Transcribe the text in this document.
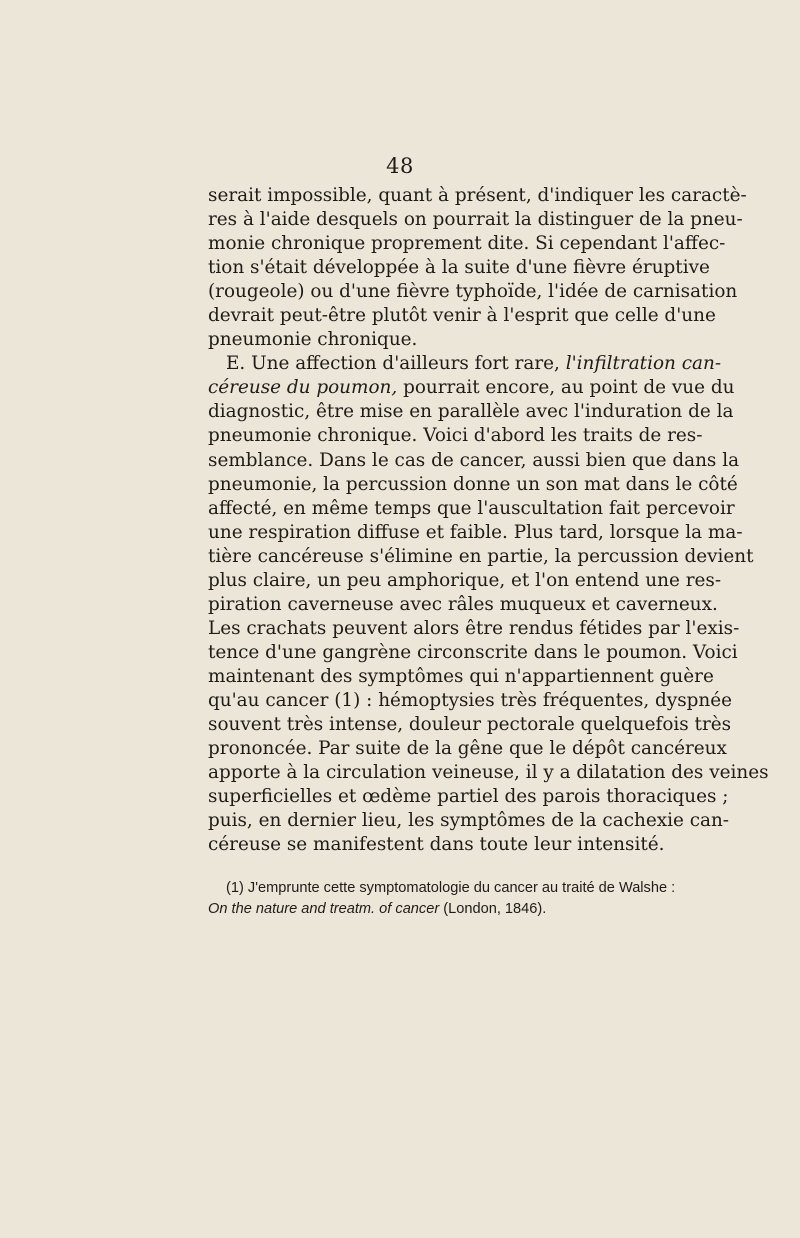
48
serait impossible, quant à présent, d'indiquer les caractè-
res à l'aide desquels on pourrait la distinguer de la pneu-
monie chronique proprement dite. Si cependant l'affec-
tion s'était développée à la suite d'une fièvre éruptive
(rougeole) ou d'une fièvre typhoïde, l'idée de carnisation
devrait peut-être plutôt venir à l'esprit que celle d'une
pneumonie chronique.
E. Une affection d'ailleurs fort rare, l'infiltration can-
céreuse du poumon, pourrait encore, au point de vue du
diagnostic, être mise en parallèle avec l'induration de la
pneumonie chronique. Voici d'abord les traits de res-
semblance. Dans le cas de cancer, aussi bien que dans la
pneumonie, la percussion donne un son mat dans le côté
affecté, en même temps que l'auscultation fait percevoir
une respiration diffuse et faible. Plus tard, lorsque la ma-
tière cancéreuse s'élimine en partie, la percussion devient
plus claire, un peu amphorique, et l'on entend une res-
piration caverneuse avec râles muqueux et caverneux.
Les crachats peuvent alors être rendus fétides par l'exis-
tence d'une gangrène circonscrite dans le poumon. Voici
maintenant des symptômes qui n'appartiennent guère
qu'au cancer (1) : hémoptysies très fréquentes, dyspnée
souvent très intense, douleur pectorale quelquefois très
prononcée. Par suite de la gêne que le dépôt cancéreux
apporte à la circulation veineuse, il y a dilatation des veines
superficielles et œdème partiel des parois thoraciques ;
puis, en dernier lieu, les symptômes de la cachexie can-
céreuse se manifestent dans toute leur intensité.
(1) J'emprunte cette symptomatologie du cancer au traité de Walshe :
On the nature and treatm. of cancer (London, 1846).
